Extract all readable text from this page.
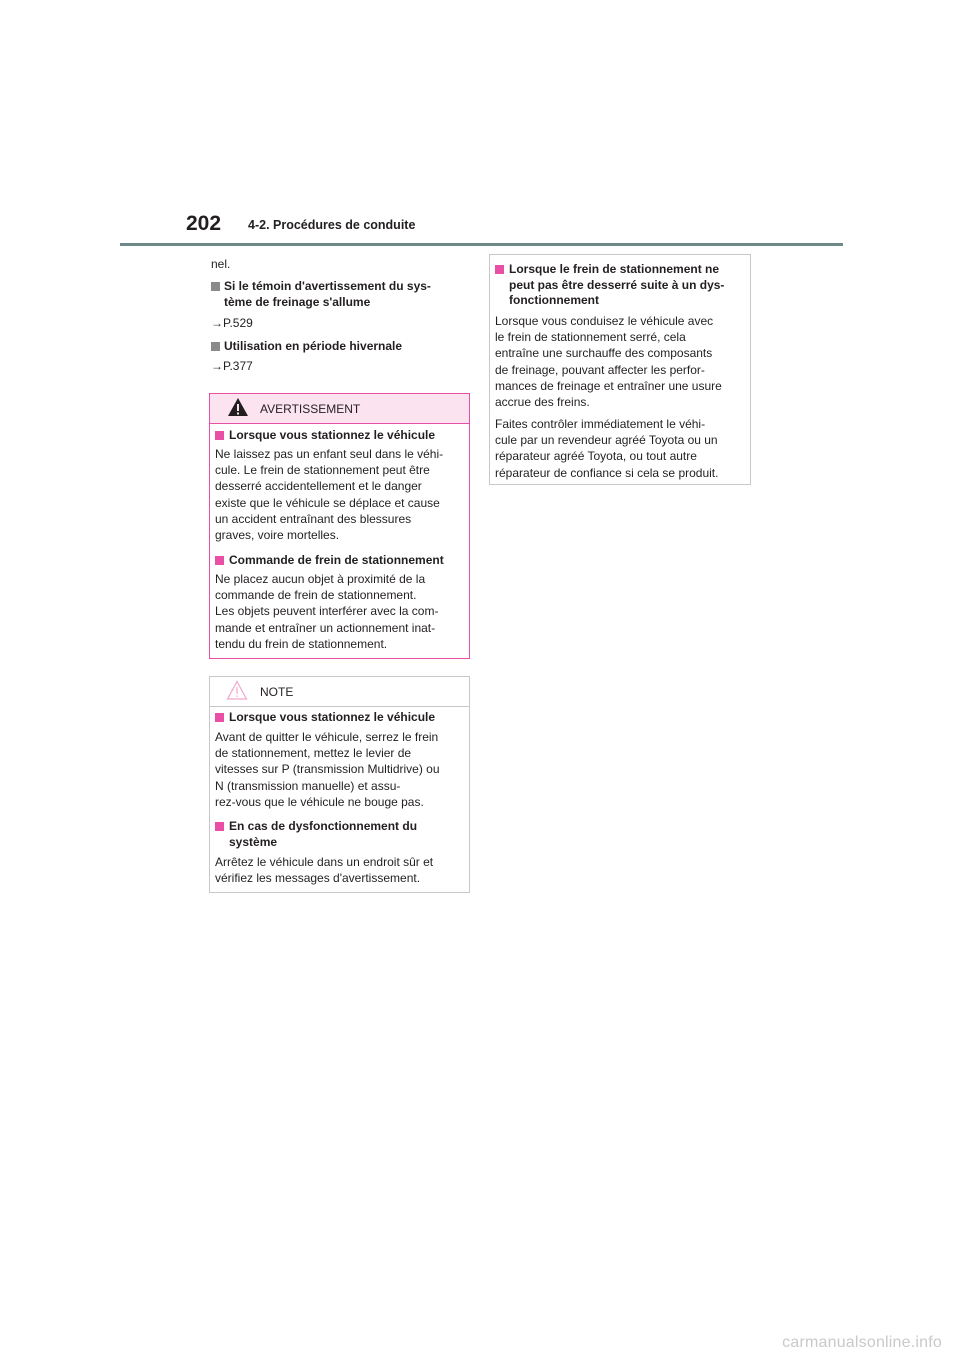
202 4-2. Procédures de conduite
nel.
Si le témoin d'avertissement du sys-
tème de freinage s'allume
→P.529
Utilisation en période hivernale
→P.377
AVERTISSEMENT
Lorsque vous stationnez le véhicule
Ne laissez pas un enfant seul dans le véhi-
cule. Le frein de stationnement peut être
desserré accidentellement et le danger
existe que le véhicule se déplace et cause
un accident entraînant des blessures
graves, voire mortelles.
Commande de frein de stationnement
Ne placez aucun objet à proximité de la
commande de frein de stationnement.
Les objets peuvent interférer avec la com-
mande et entraîner un actionnement inat-
tendu du frein de stationnement.
NOTE
Lorsque vous stationnez le véhicule
Avant de quitter le véhicule, serrez le frein
de stationnement, mettez le levier de
vitesses sur P (transmission Multidrive) ou
N (transmission manuelle) et assu-
rez-vous que le véhicule ne bouge pas.
En cas de dysfonctionnement du
système
Arrêtez le véhicule dans un endroit sûr et
vérifiez les messages d'avertissement.
Lorsque le frein de stationnement ne
peut pas être desserré suite à un dys-
fonctionnement
Lorsque vous conduisez le véhicule avec
le frein de stationnement serré, cela
entraîne une surchauffe des composants
de freinage, pouvant affecter les perfor-
mances de freinage et entraîner une usure
accrue des freins.
Faites contrôler immédiatement le véhi-
cule par un revendeur agréé Toyota ou un
réparateur agréé Toyota, ou tout autre
réparateur de confiance si cela se produit.
carmanualsonline.info
